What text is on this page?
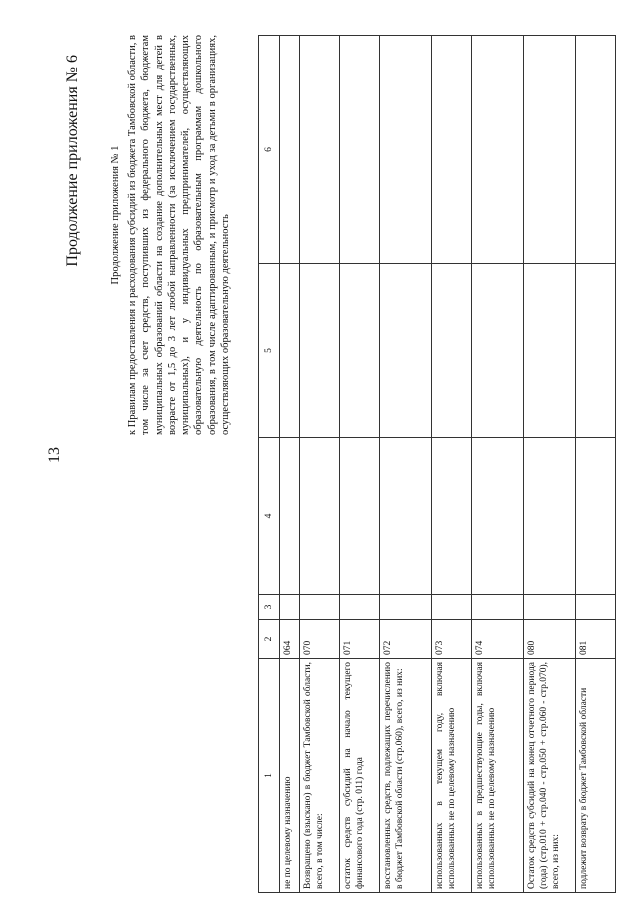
13
Продолжение приложения № 6	Продолжение приложения № 1 к Правилам предоставления и расходования субсидий из бюджета Тамбовской области, в том числе за счет средств, поступивших из федерального бюджета, бюджетам муниципальных образований области на создание дополнительных мест для детей в возрасте от 1,5 до 3 лет любой направленности (за исключением государственных, муниципальных), и у индивидуальных предпринимателей, осуществляющих образовательную деятельность по образовательным программам дошкольного образования, в том числе адаптированным, и присмотр и уход за детьми в организациях, осуществляющих образовательную деятельность
1	2	3	4	5	6
не по целевому назначению	064				
Возвращено (взыскано) в бюджет Тамбовской области, всего, в том числе:	070				
остаток средств субсидий на начало текущего финансового года (стр. 011) года	071				
восстановленных средств, подлежащих перечислению в бюджет Тамбовской области (стр.060), всего, из них:	072				
использованных в текущем году, включая использованных не по целевому назначению	073				
использованных в предшествующие годы, включая использованных не по целевому назначению	074				
Остаток средств субсидий на конец отчетного периода (года) (стр.010 + стр.040 - стр.050 + стр.060 - стр.070), всего, из них:	080				
подлежит возврату в бюджет Тамбовской области	081				
